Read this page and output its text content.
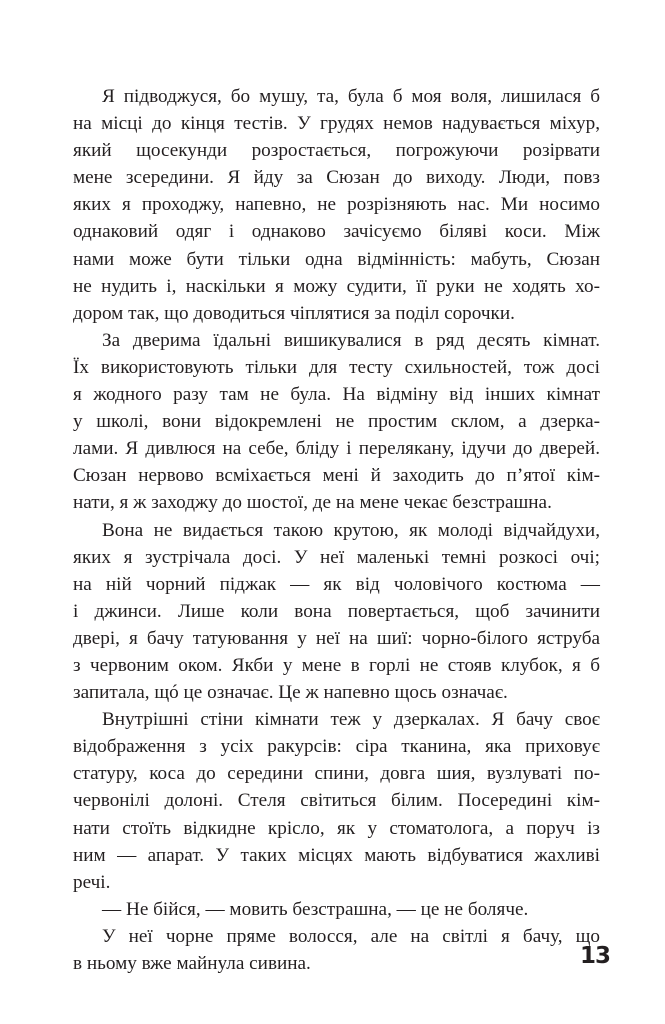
Я підводжуся, бо мушу, та, була б моя воля, лишилася б
на місці до кінця тестів. У грудях немов надувається міхур,
який щосекунди розростається, погрожуючи розірвати
мене зсередини. Я йду за Сюзан до виходу. Люди, повз
яких я проходжу, напевно, не розрізняють нас. Ми носимо
однаковий одяг і однаково зачісуємо біляві коси. Між
нами може бути тільки одна відмінність: мабуть, Сюзан
не нудить і, наскільки я можу судити, її руки не ходять хо-
дором так, що доводиться чіплятися за поділ сорочки.
За дверима їдальні вишикувалися в ряд десять кімнат.
Їх використовують тільки для тесту схильностей, тож досі
я жодного разу там не була. На відміну від інших кімнат
у школі, вони відокремлені не простим склом, а дзерка-
лами. Я дивлюся на себе, бліду і перелякану, ідучи до дверей.
Сюзан нервово всміхається мені й заходить до п’ятої кім-
нати, я ж заходжу до шостої, де на мене чекає безстрашна.
Вона не видається такою крутою, як молоді відчайдухи,
яких я зустрічала досі. У неї маленькі темні розкосі очі;
на ній чорний піджак — як від чоловічого костюма —
і джинси. Лише коли вона повертається, щоб зачинити
двері, я бачу татуювання у неї на шиї: чорно-білого яструба
з червоним оком. Якби у мене в горлі не стояв клубок, я б
запитала, щó це означає. Це ж напевно щось означає.
Внутрішні стіни кімнати теж у дзеркалах. Я бачу своє
відображення з усіх ракурсів: сіра тканина, яка приховує
статуру, коса до середини спини, довга шия, вузлуваті по-
червонілі долоні. Стеля світиться білим. Посередині кім-
нати стоїть відкидне крісло, як у стоматолога, а поруч із
ним — апарат. У таких місцях мають відбуватися жахливі
речі.
— Не бійся, — мовить безстрашна, — це не боляче.
У неї чорне пряме волосся, але на світлі я бачу, що
в ньому вже майнула сивина.	13
